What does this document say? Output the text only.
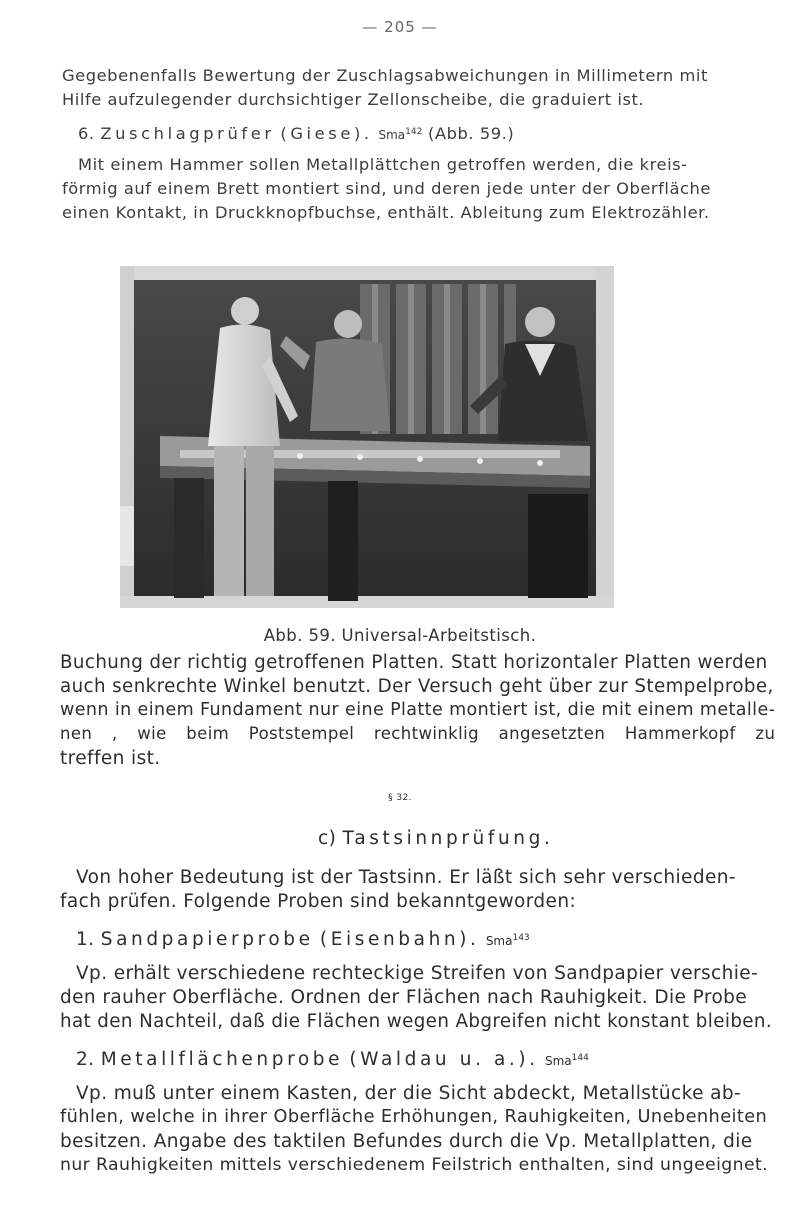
— 205 —
Gegebenenfalls Bewertung der Zuschlagsabweichungen in Millimetern mit
Hilfe aufzulegender durchsichtiger Zellonscheibe, die graduiert ist.
6. Zuschlagprüfer (Giese). Sma$^{142}$ (Abb. 59.)
Mit einem Hammer sollen Metallplättchen getroffen werden, die kreis-
förmig auf einem Brett montiert sind, und deren jede unter der Oberfläche
einen Kontakt, in Druckknopfbuchse, enthält. Ableitung zum Elektrozähler.
Abb. 59. Universal-Arbeitstisch.
Buchung der richtig getroffenen Platten. Statt horizontaler Platten werden
auch senkrechte Winkel benutzt. Der Versuch geht über zur Stempelprobe,
wenn in einem Fundament nur eine Platte montiert ist, die mit einem metalle-
nen , wie beim Poststempel rechtwinklig angesetzten Hammerkopf zu
treffen ist.
§ 32.
c) Tastsinnprüfung.
Von hoher Bedeutung ist der Tastsinn. Er läßt sich sehr verschieden-
fach prüfen. Folgende Proben sind bekanntgeworden:
1. Sandpapierprobe (Eisenbahn). Sma$^{143}$
Vp. erhält verschiedene rechteckige Streifen von Sandpapier verschie-
den rauher Oberfläche. Ordnen der Flächen nach Rauhigkeit. Die Probe
hat den Nachteil, daß die Flächen wegen Abgreifen nicht konstant bleiben.
2. Metallflächenprobe (Waldau u. a.). Sma$^{144}$
Vp. muß unter einem Kasten, der die Sicht abdeckt, Metallstücke ab-
fühlen, welche in ihrer Oberfläche Erhöhungen, Rauhigkeiten, Unebenheiten
besitzen. Angabe des taktilen Befundes durch die Vp. Metallplatten, die
nur Rauhigkeiten mittels verschiedenem Feilstrich enthalten, sind ungeeignet.
